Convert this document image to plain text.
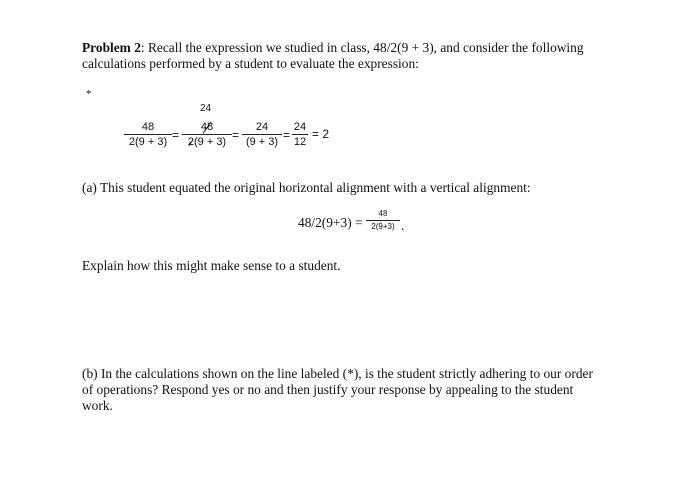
Problem 2: Recall the expression we studied in class, 48/2(9 + 3), and consider the following
calculations performed by a student to evaluate the expression:
*
24
48
2(9 + 3) =
48
2(9 + 3) =
24
(9 + 3) =
24
12
= 2
(a) This student equated the original horizontal alignment with a vertical alignment:
48/2(9+3) =
48
2(9+3) .
Explain how this might make sense to a student.
(b) In the calculations shown on the line labeled (*), is the student strictly adhering to our order
of operations? Respond yes or no and then justify your response by appealing to the student
work.
